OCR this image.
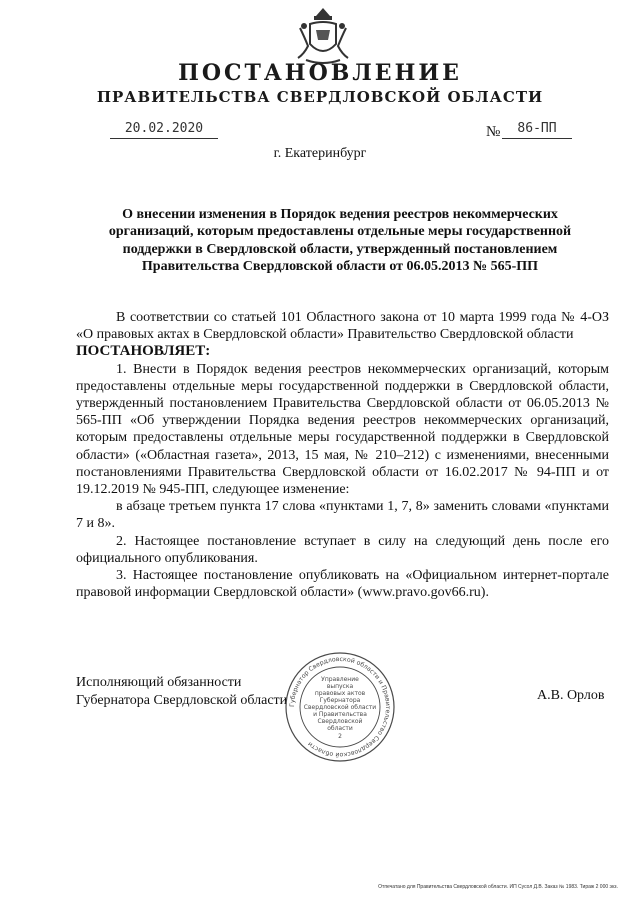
ПОСТАНОВЛЕНИЕ
ПРАВИТЕЛЬСТВА СВЕРДЛОВСКОЙ ОБЛАСТИ
20.02.2020	№	86-ПП
г. Екатеринбург
О внесении изменения в Порядок ведения реестров некоммерческих организаций, которым предоставлены отдельные меры государственной поддержки в Свердловской области, утвержденный постановлением Правительства Свердловской области от 06.05.2013 № 565-ПП

В соответствии со статьей 101 Областного закона от 10 марта 1999 года № 4-ОЗ «О правовых актах в Свердловской области» Правительство Свердловской области

ПОСТАНОВЛЯЕТ:

1. Внести в Порядок ведения реестров некоммерческих организаций, которым предоставлены отдельные меры государственной поддержки в Свердловской области, утвержденный постановлением Правительства Свердловской области от 06.05.2013 № 565-ПП «Об утверждении Порядка ведения реестров некоммерческих организаций, которым предоставлены отдельные меры государственной поддержки в Свердловской области» («Областная газета», 2013, 15 мая, № 210–212) с изменениями, внесенными постановлениями Правительства Свердловской области от 16.02.2017 № 94-ПП и от 19.12.2019 № 945-ПП, следующее изменение:

в абзаце третьем пункта 17 слова «пунктами 1, 7, 8» заменить словами «пунктами 7 и 8».

2. Настоящее постановление вступает в силу на следующий день после его официального опубликования.

3. Настоящее постановление опубликовать на «Официальном интернет-портале правовой информации Свердловской области» (www.pravo.gov66.ru).

Исполняющий обязанности
Губернатора Свердловской области	А.В. Орлов
Губернатор Свердловской области и Правительство Свердловской области
Управление
выпуска
правовых актов
Губернатора
Свердловской области
и Правительства
Свердловской
области
2
Отпечатано для Правительства Свердловской области. ИП Сусол Д.В. Заказ № 1983. Тираж 2 000 экз.
